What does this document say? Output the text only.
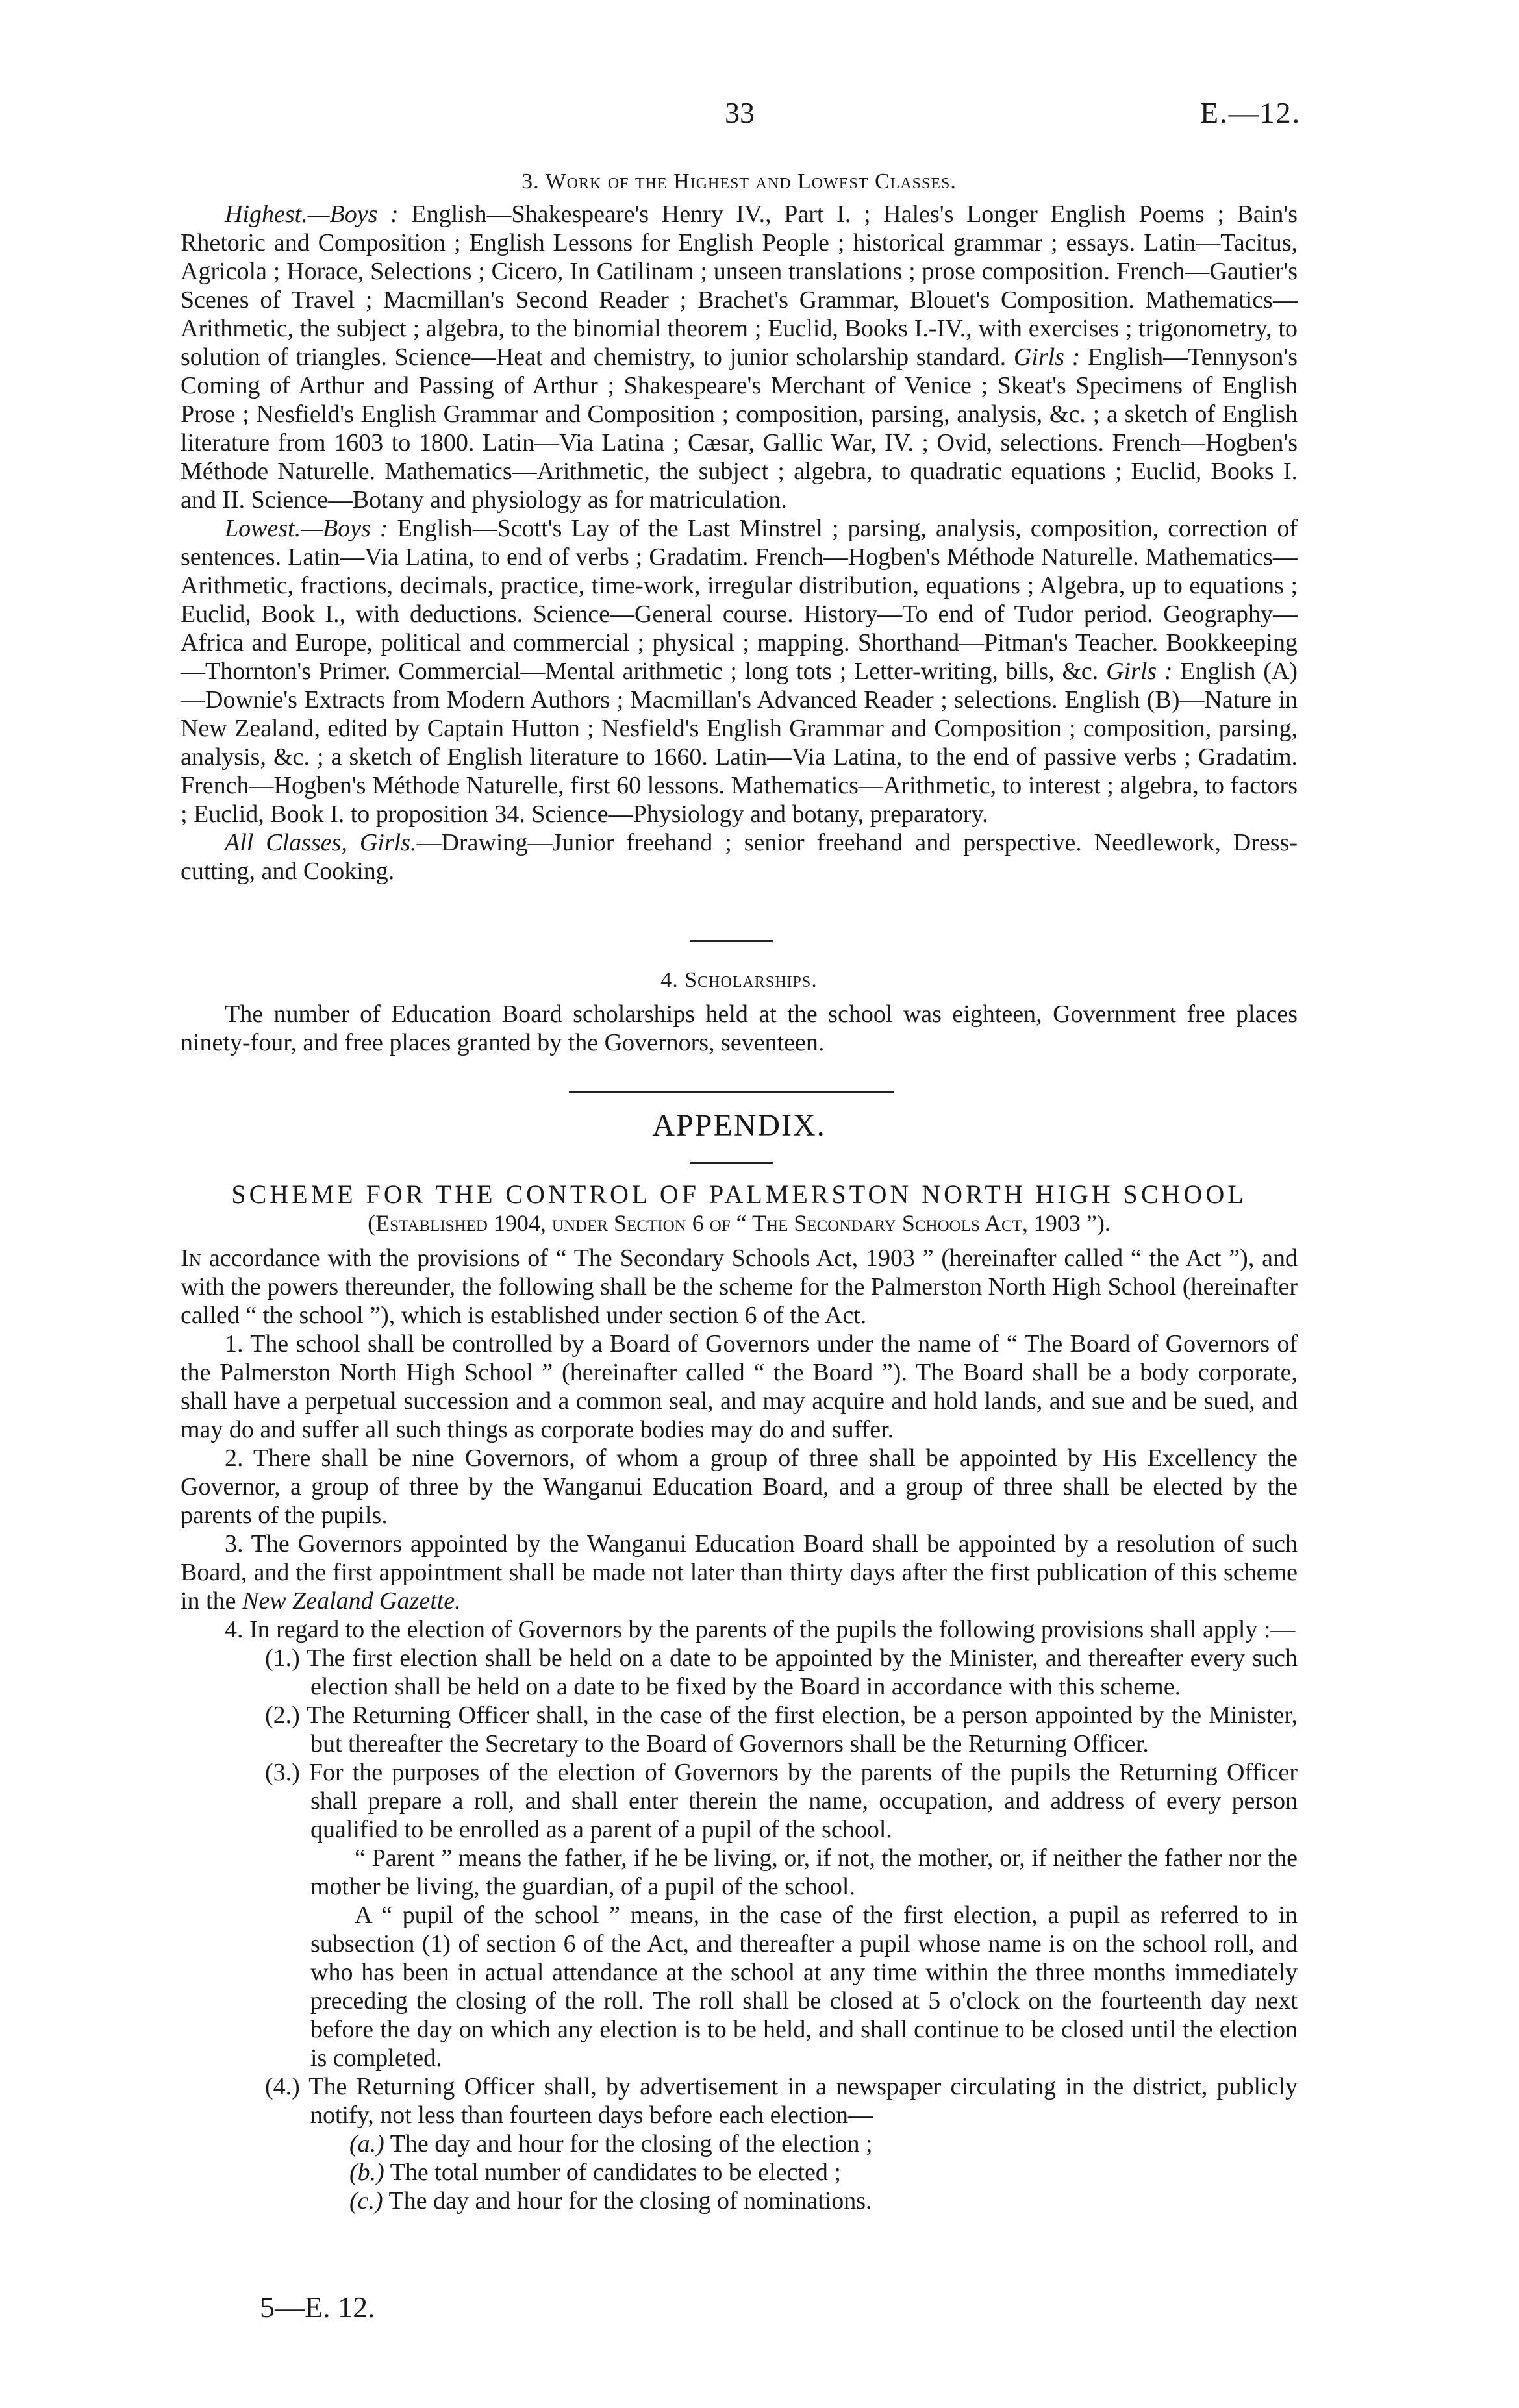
33	E.—12.
3. Work of the Highest and Lowest Classes.

Highest.—Boys : English—Shakespeare's Henry IV., Part I. ; Hales's Longer English Poems ; Bain's Rhetoric and Composition ; English Lessons for English People ; historical grammar ; essays. Latin—Tacitus, Agricola ; Horace, Selections ; Cicero, In Catilinam ; unseen translations ; prose composition. French—Gautier's Scenes of Travel ; Macmillan's Second Reader ; Brachet's Grammar, Blouet's Composition. Mathematics—Arithmetic, the subject ; algebra, to the binomial theorem ; Euclid, Books I.-IV., with exercises ; trigonometry, to solution of triangles. Science—Heat and chemistry, to junior scholarship standard. Girls : English—Tennyson's Coming of Arthur and Passing of Arthur ; Shakespeare's Merchant of Venice ; Skeat's Specimens of English Prose ; Nesfield's English Grammar and Composition ; composition, parsing, analysis, &c. ; a sketch of English literature from 1603 to 1800. Latin—Via Latina ; Cæsar, Gallic War, IV. ; Ovid, selections. French—Hogben's Méthode Naturelle. Mathematics—Arithmetic, the subject ; algebra, to quadratic equations ; Euclid, Books I. and II. Science—Botany and physiology as for matriculation.

Lowest.—Boys : English—Scott's Lay of the Last Minstrel ; parsing, analysis, composition, correction of sentences. Latin—Via Latina, to end of verbs ; Gradatim. French—Hogben's Méthode Naturelle. Mathematics—Arithmetic, fractions, decimals, practice, time-work, irregular distribution, equations ; Algebra, up to equations ; Euclid, Book I., with deductions. Science—General course. History—To end of Tudor period. Geography—Africa and Europe, political and commercial ; physical ; mapping. Shorthand—Pitman's Teacher. Bookkeeping—Thornton's Primer. Commercial—Mental arithmetic ; long tots ; Letter-writing, bills, &c. Girls : English (A)—Downie's Extracts from Modern Authors ; Macmillan's Advanced Reader ; selections. English (B)—Nature in New Zealand, edited by Captain Hutton ; Nesfield's English Grammar and Composition ; composition, parsing, analysis, &c. ; a sketch of English literature to 1660. Latin—Via Latina, to the end of passive verbs ; Gradatim. French—Hogben's Méthode Naturelle, first 60 lessons. Mathematics—Arithmetic, to interest ; algebra, to factors ; Euclid, Book I. to proposition 34. Science—Physiology and botany, preparatory.

All Classes, Girls.—Drawing—Junior freehand ; senior freehand and perspective. Needlework, Dress-cutting, and Cooking.

4. Scholarships.

The number of Education Board scholarships held at the school was eighteen, Government free places ninety-four, and free places granted by the Governors, seventeen.

APPENDIX.
SCHEME FOR THE CONTROL OF PALMERSTON NORTH HIGH SCHOOL
(Established 1904, under Section 6 of “ The Secondary Schools Act, 1903 ”).

In accordance with the provisions of “ The Secondary Schools Act, 1903 ” (hereinafter called “ the Act ”), and with the powers thereunder, the following shall be the scheme for the Palmerston North High School (hereinafter called “ the school ”), which is established under section 6 of the Act.

1. The school shall be controlled by a Board of Governors under the name of “ The Board of Governors of the Palmerston North High School ” (hereinafter called “ the Board ”). The Board shall be a body corporate, shall have a perpetual succession and a common seal, and may acquire and hold lands, and sue and be sued, and may do and suffer all such things as corporate bodies may do and suffer.

2. There shall be nine Governors, of whom a group of three shall be appointed by His Excellency the Governor, a group of three by the Wanganui Education Board, and a group of three shall be elected by the parents of the pupils.

3. The Governors appointed by the Wanganui Education Board shall be appointed by a resolution of such Board, and the first appointment shall be made not later than thirty days after the first publication of this scheme in the New Zealand Gazette.

4. In regard to the election of Governors by the parents of the pupils the following provisions shall apply :—

(1.) The first election shall be held on a date to be appointed by the Minister, and thereafter every such election shall be held on a date to be fixed by the Board in accordance with this scheme.

(2.) The Returning Officer shall, in the case of the first election, be a person appointed by the Minister, but thereafter the Secretary to the Board of Governors shall be the Returning Officer.

(3.) For the purposes of the election of Governors by the parents of the pupils the Returning Officer shall prepare a roll, and shall enter therein the name, occupation, and address of every person qualified to be enrolled as a parent of a pupil of the school.

“ Parent ” means the father, if he be living, or, if not, the mother, or, if neither the father nor the mother be living, the guardian, of a pupil of the school.

A “ pupil of the school ” means, in the case of the first election, a pupil as referred to in subsection (1) of section 6 of the Act, and thereafter a pupil whose name is on the school roll, and who has been in actual attendance at the school at any time within the three months immediately preceding the closing of the roll. The roll shall be closed at 5 o'clock on the fourteenth day next before the day on which any election is to be held, and shall continue to be closed until the election is completed.

(4.) The Returning Officer shall, by advertisement in a newspaper circulating in the district, publicly notify, not less than fourteen days before each election—

(a.) The day and hour for the closing of the election ;
(b.) The total number of candidates to be elected ;
(c.) The day and hour for the closing of nominations.
5—E. 12.
